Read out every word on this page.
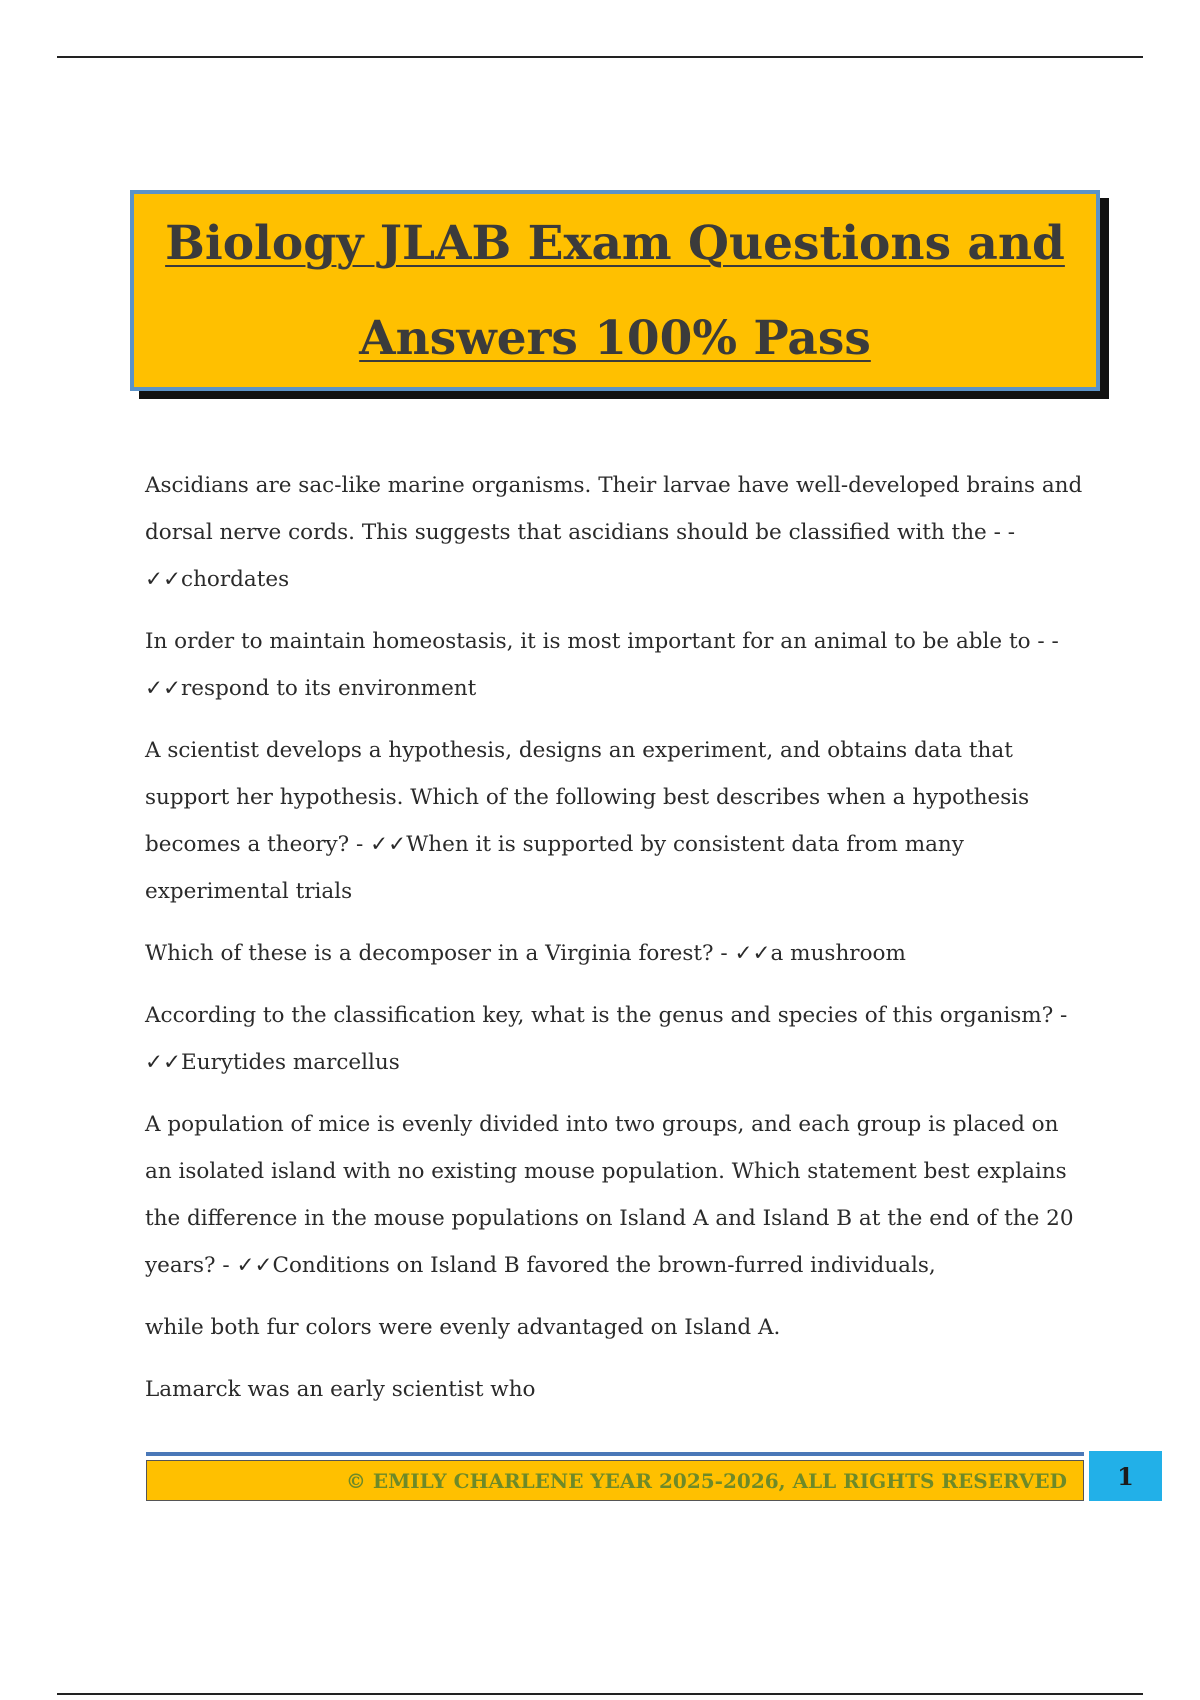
Biology JLAB Exam Questions and
Answers 100% Pass

Ascidians are sac-like marine organisms. Their larvae have well-developed brains and dorsal nerve cords. This suggests that ascidians should be classified with the - -
✓✓chordates

In order to maintain homeostasis, it is most important for an animal to be able to - -
✓✓respond to its environment

A scientist develops a hypothesis, designs an experiment, and obtains data that support her hypothesis. Which of the following best describes when a hypothesis becomes a theory? - ✓✓When it is supported by consistent data from many experimental trials

Which of these is a decomposer in a Virginia forest? - ✓✓a mushroom

According to the classification key, what is the genus and species of this organism? -
✓✓Eurytides marcellus

A population of mice is evenly divided into two groups, and each group is placed on an isolated island with no existing mouse population. Which statement best explains the difference in the mouse populations on Island A and Island B at the end of the 20 years? - ✓✓Conditions on Island B favored the brown-furred individuals,

while both fur colors were evenly advantaged on Island A.

Lamarck was an early scientist who

© EMILY CHARLENE YEAR 2025-2026, ALL RIGHTS RESERVED	1
